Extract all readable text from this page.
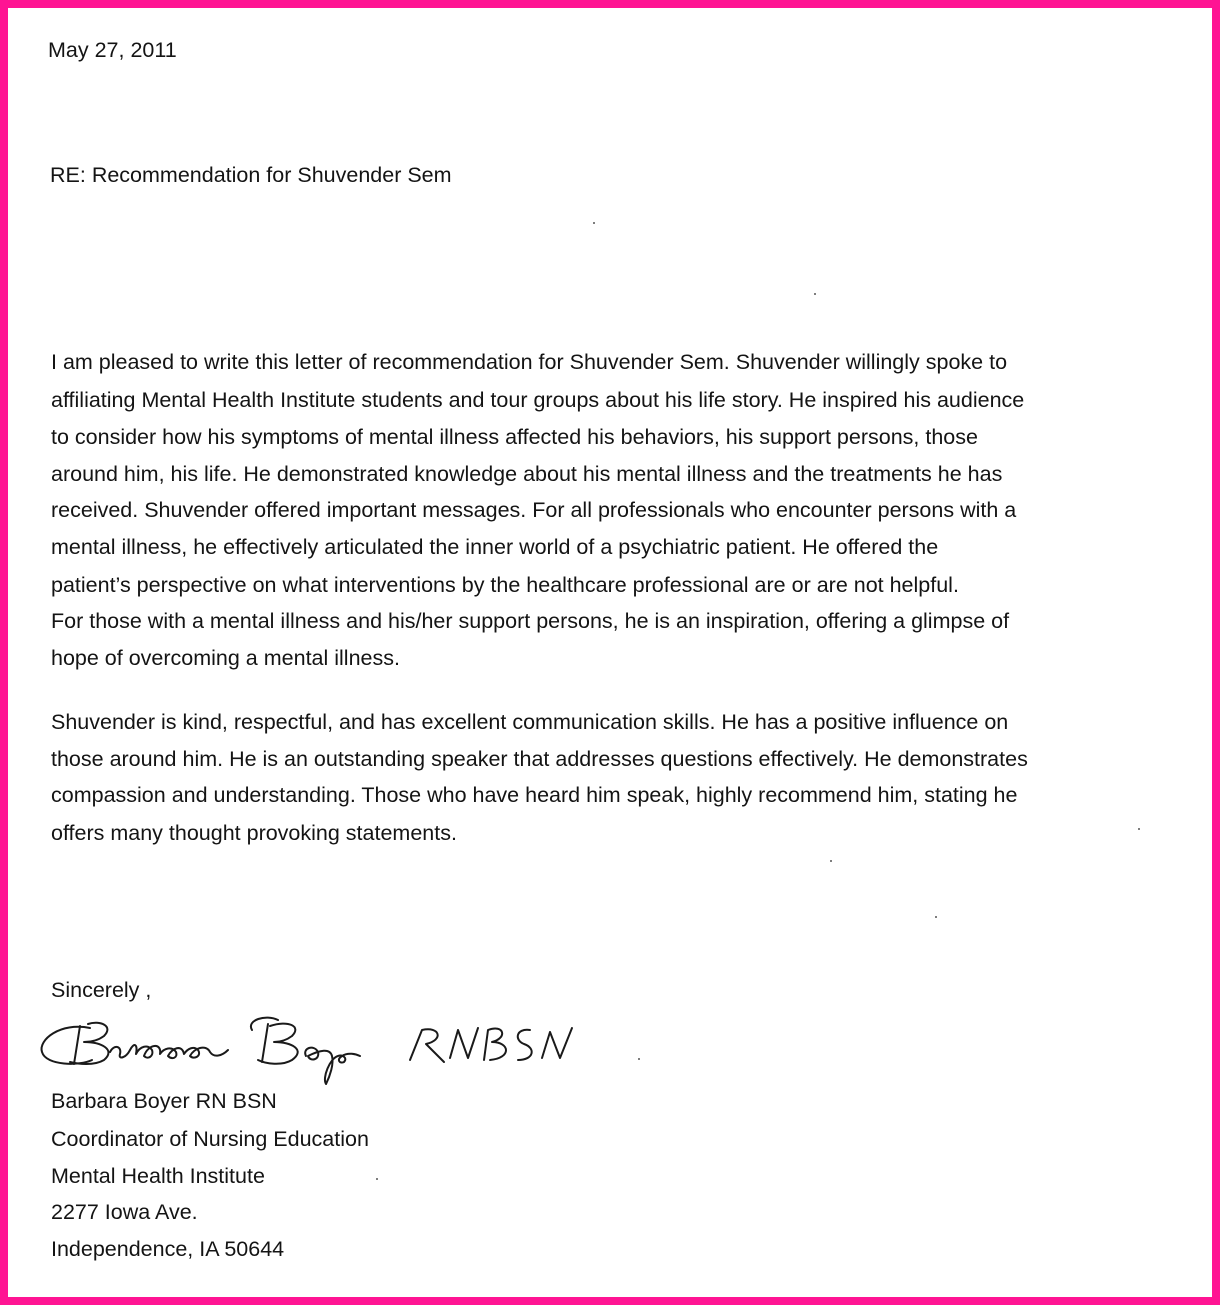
May 27, 2011

RE: Recommendation for Shuvender Sem

I am pleased to write this letter of recommendation for Shuvender Sem. Shuvender willingly spoke to

affiliating Mental Health Institute students and tour groups about his life story. He inspired his audience

to consider how his symptoms of mental illness affected his behaviors, his support persons, those

around him, his life. He demonstrated knowledge about his mental illness and the treatments he has

received. Shuvender offered important messages. For all professionals who encounter persons with a

mental illness, he effectively articulated the inner world of a psychiatric patient. He offered the

patient’s perspective on what interventions by the healthcare professional are or are not helpful.

For those with a mental illness and his/her support persons, he is an inspiration, offering a glimpse of

hope of overcoming a mental illness.

Shuvender is kind, respectful, and has excellent communication skills. He has a positive influence on

those around him. He is an outstanding speaker that addresses questions effectively. He demonstrates

compassion and understanding. Those who have heard him speak, highly recommend him, stating he

offers many thought provoking statements.

Sincerely ,

Barbara Boyer RN BSN

Coordinator of Nursing Education

Mental Health Institute

2277 Iowa Ave.

Independence, IA 50644
